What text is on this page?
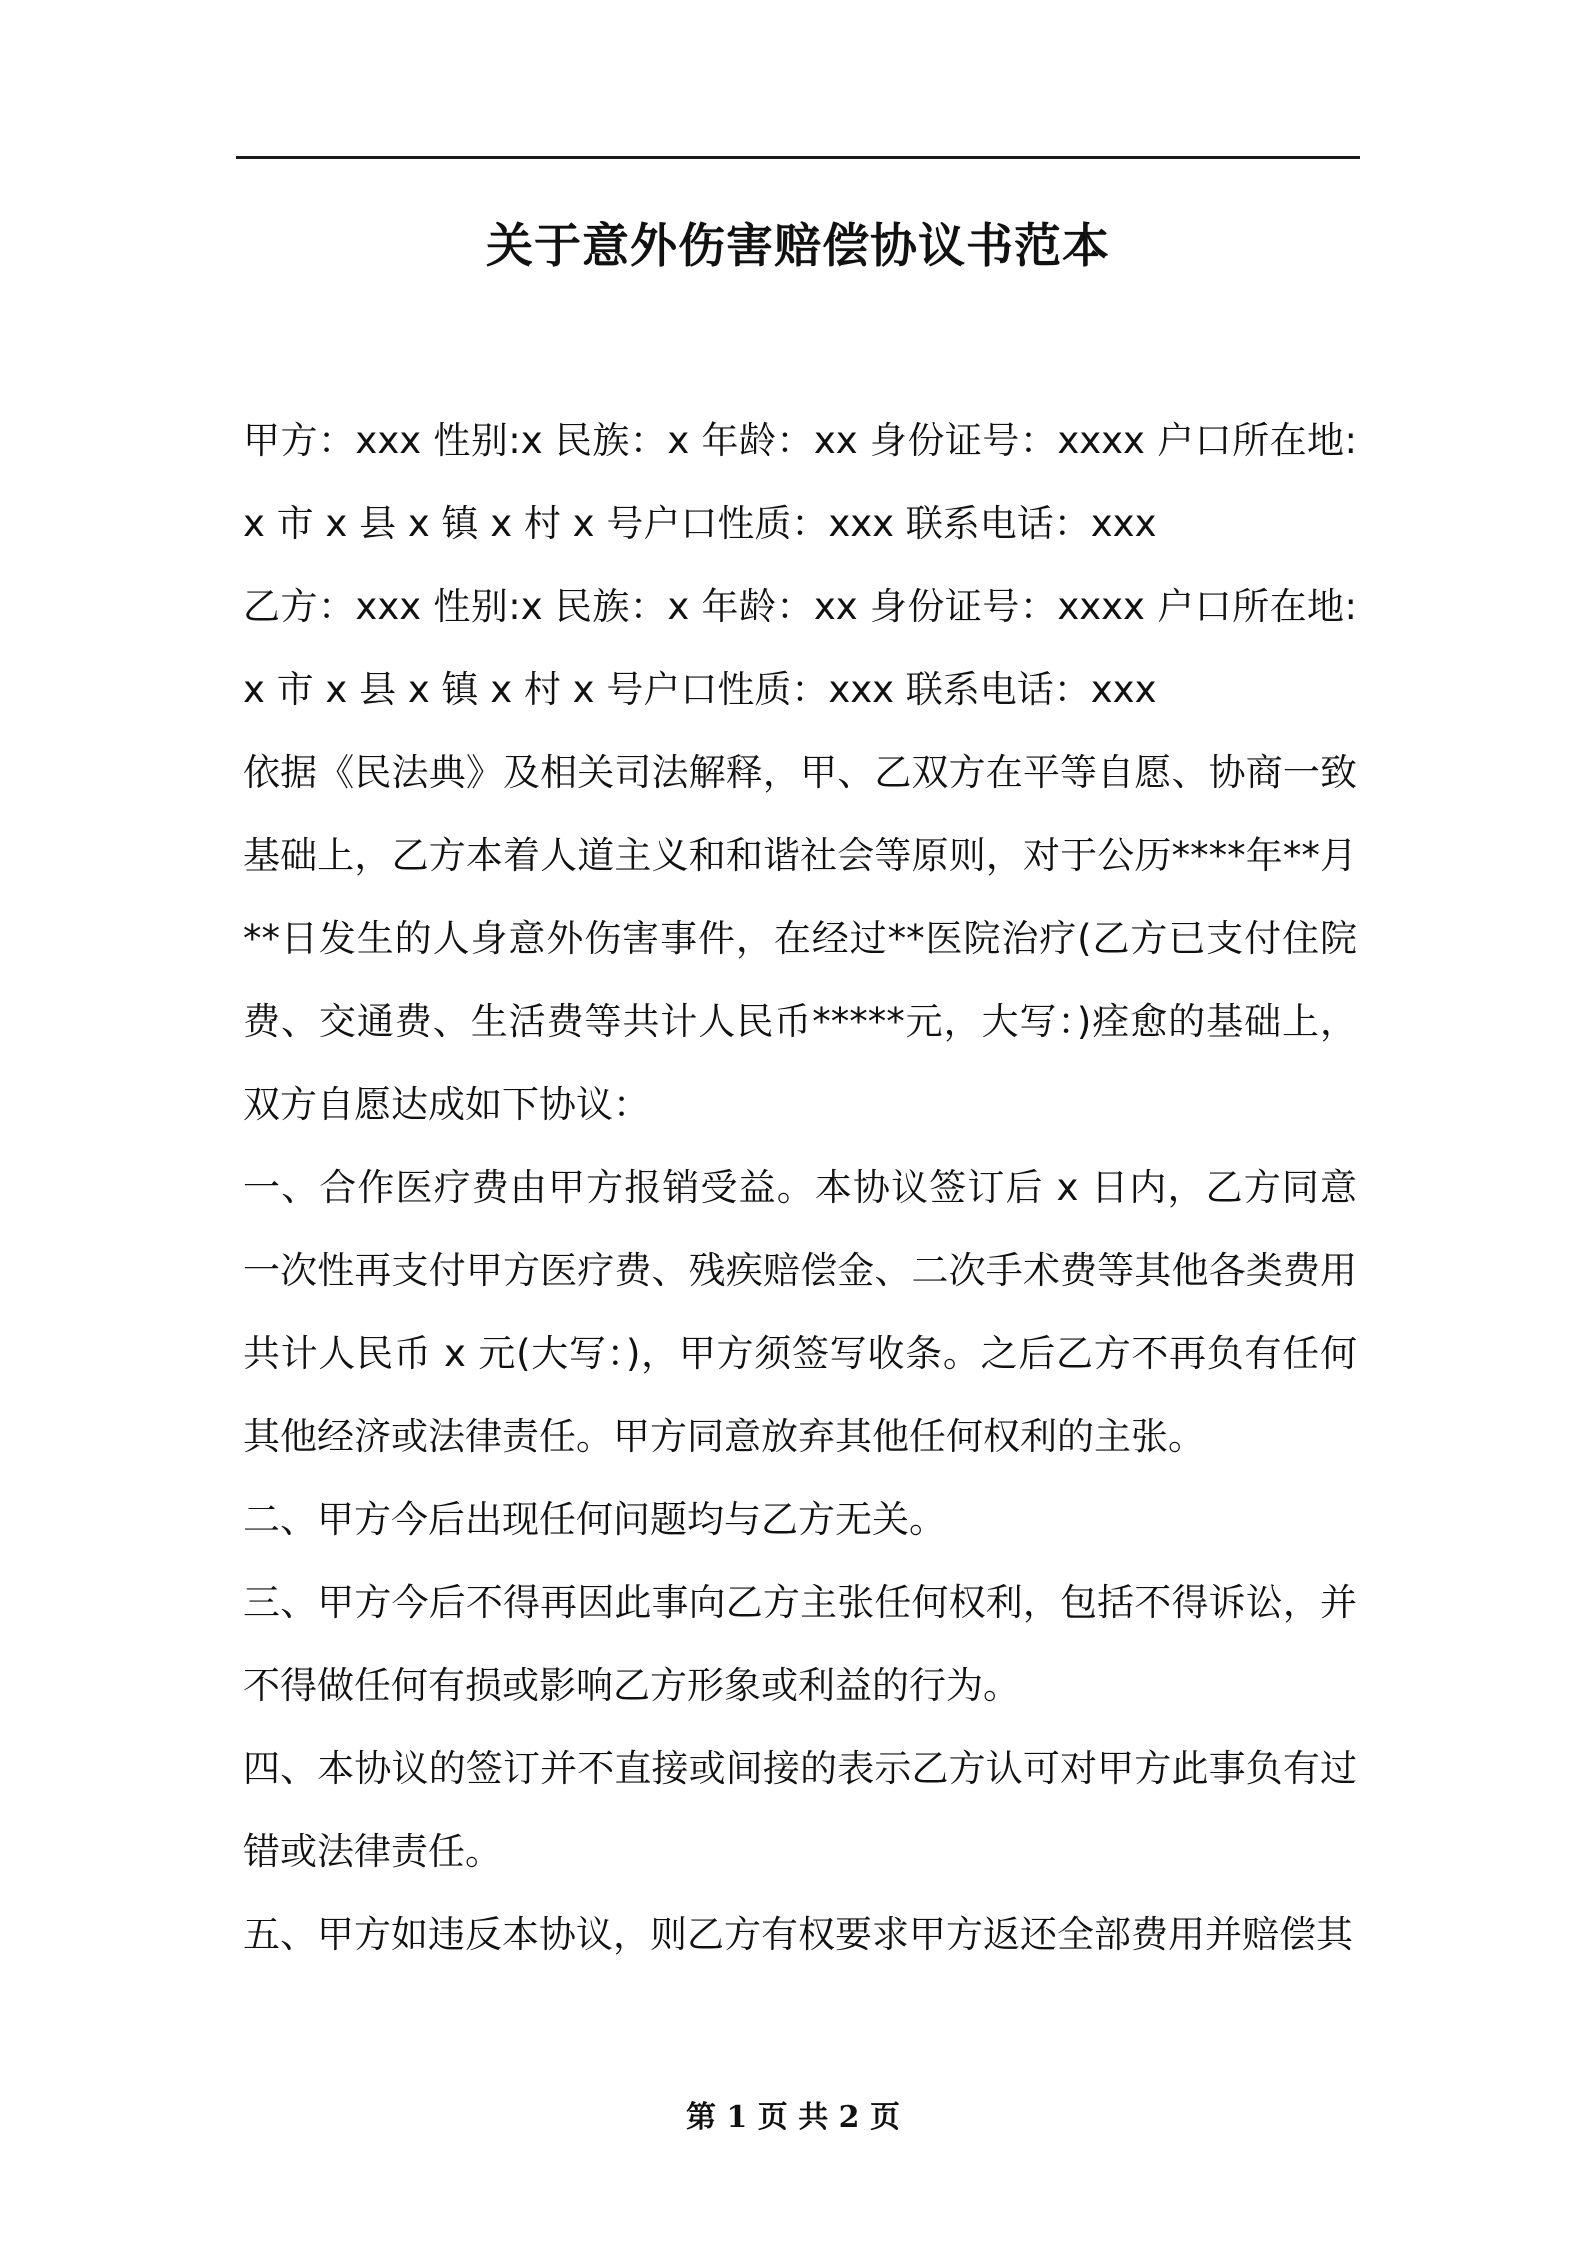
关于意外伤害赔偿协议书范本

甲方：xxx 性别:x 民族：x 年龄：xx 身份证号：xxxx 户口所在地:x 市 x 县 x 镇 x 村 x 号户口性质：xxx 联系电话：xxx

乙方：xxx 性别:x 民族：x 年龄：xx 身份证号：xxxx 户口所在地:x 市 x 县 x 镇 x 村 x 号户口性质：xxx 联系电话：xxx

依据《民法典》及相关司法解释，甲、乙双方在平等自愿、协商一致基础上，乙方本着人道主义和和谐社会等原则，对于公历****年**月**日发生的人身意外伤害事件，在经过**医院治疗(乙方已支付住院费、交通费、生活费等共计人民币*****元，大写：)痊愈的基础上，双方自愿达成如下协议：

一、合作医疗费由甲方报销受益。本协议签订后 x 日内，乙方同意一次性再支付甲方医疗费、残疾赔偿金、二次手术费等其他各类费用共计人民币 x 元(大写：)，甲方须签写收条。之后乙方不再负有任何其他经济或法律责任。甲方同意放弃其他任何权利的主张。

二、甲方今后出现任何问题均与乙方无关。

三、甲方今后不得再因此事向乙方主张任何权利，包括不得诉讼，并不得做任何有损或影响乙方形象或利益的行为。

四、本协议的签订并不直接或间接的表示乙方认可对甲方此事负有过错或法律责任。

五、甲方如违反本协议，则乙方有权要求甲方返还全部费用并赔偿其

第 1 页 共 2 页
